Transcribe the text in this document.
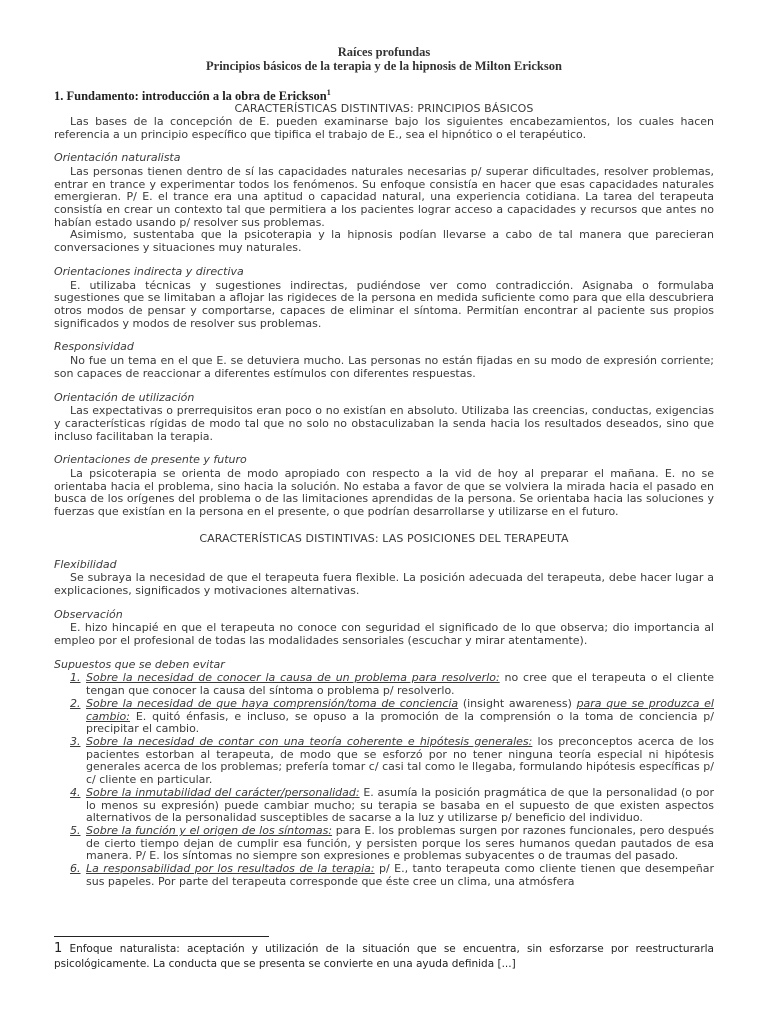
Raíces profundas
Principios básicos de la terapia y de la hipnosis de Milton Erickson
1. Fundamento: introducción a la obra de Erickson$^1$
CARACTERÍSTICAS DISTINTIVAS: PRINCIPIOS BÁSICOS

Las bases de la concepción de E. pueden examinarse bajo los siguientes encabezamientos, los cuales hacen referencia a un principio específico que tipifica el trabajo de E., sea el hipnótico o el terapéutico.

Orientación naturalista

Las personas tienen dentro de sí las capacidades naturales necesarias p/ superar dificultades, resolver problemas, entrar en trance y experimentar todos los fenómenos. Su enfoque consistía en hacer que esas capacidades naturales emergieran. P/ E. el trance era una aptitud o capacidad natural, una experiencia cotidiana. La tarea del terapeuta consistía en crear un contexto tal que permitiera a los pacientes lograr acceso a capacidades y recursos que antes no habían estado usando p/ resolver sus problemas.

Asimismo, sustentaba que la psicoterapia y la hipnosis podían llevarse a cabo de tal manera que parecieran conversaciones y situaciones muy naturales.

Orientaciones indirecta y directiva

E. utilizaba técnicas y sugestiones indirectas, pudiéndose ver como contradicción. Asignaba o formulaba sugestiones que se limitaban a aflojar las rigideces de la persona en medida suficiente como para que ella descubriera otros modos de pensar y comportarse, capaces de eliminar el síntoma. Permitían encontrar al paciente sus propios significados y modos de resolver sus problemas.

Responsividad

No fue un tema en el que E. se detuviera mucho. Las personas no están fijadas en su modo de expresión corriente; son capaces de reaccionar a diferentes estímulos con diferentes respuestas.

Orientación de utilización

Las expectativas o prerrequisitos eran poco o no existían en absoluto. Utilizaba las creencias, conductas, exigencias y características rígidas de modo tal que no solo no obstaculizaban la senda hacia los resultados deseados, sino que incluso facilitaban la terapia.

Orientaciones de presente y futuro

La psicoterapia se orienta de modo apropiado con respecto a la vid de hoy al preparar el mañana. E. no se orientaba hacia el problema, sino hacia la solución. No estaba a favor de que se volviera la mirada hacia el pasado en busca de los orígenes del problema o de las limitaciones aprendidas de la persona. Se orientaba hacia las soluciones y fuerzas que existían en la persona en el presente, o que podrían desarrollarse y utilizarse en el futuro.

CARACTERÍSTICAS DISTINTIVAS: LAS POSICIONES DEL TERAPEUTA
Flexibilidad

Se subraya la necesidad de que el terapeuta fuera flexible. La posición adecuada del terapeuta, debe hacer lugar a explicaciones, significados y motivaciones alternativas.

Observación

E. hizo hincapié en que el terapeuta no conoce con seguridad el significado de lo que observa; dio importancia al empleo por el profesional de todas las modalidades sensoriales (escuchar y mirar atentamente).

Supuestos que se deben evitar
1. Sobre la necesidad de conocer la causa de un problema para resolverlo: no cree que el terapeuta o el cliente tengan que conocer la causa del síntoma o problema p/ resolverlo.
2. Sobre la necesidad de que haya comprensión/toma de conciencia (insight awareness) para que se produzca el cambio: E. quitó énfasis, e incluso, se opuso a la promoción de la comprensión o la toma de conciencia p/ precipitar el cambio.
3. Sobre la necesidad de contar con una teoría coherente e hipótesis generales: los preconceptos acerca de los pacientes estorban al terapeuta, de modo que se esforzó por no tener ninguna teoría especial ni hipótesis generales acerca de los problemas; prefería tomar c/ casi tal como le llegaba, formulando hipótesis específicas p/ c/ cliente en particular.
4. Sobre la inmutabilidad del carácter/personalidad: E. asumía la posición pragmática de que la personalidad (o por lo menos su expresión) puede cambiar mucho; su terapia se basaba en el supuesto de que existen aspectos alternativos de la personalidad susceptibles de sacarse a la luz y utilizarse p/ beneficio del individuo.
5. Sobre la función y el origen de los síntomas: para E. los problemas surgen por razones funcionales, pero después de cierto tiempo dejan de cumplir esa función, y persisten porque los seres humanos quedan pautados de esa manera. P/ E. los síntomas no siempre son expresiones e problemas subyacentes o de traumas del pasado.
6. La responsabilidad por los resultados de la terapia: p/ E., tanto terapeuta como cliente tienen que desempeñar sus papeles. Por parte del terapeuta corresponde que éste cree un clima, una atmósfera
1 Enfoque naturalista: aceptación y utilización de la situación que se encuentra, sin esforzarse por reestructurarla psicológicamente. La conducta que se presenta se convierte en una ayuda definida [...]
